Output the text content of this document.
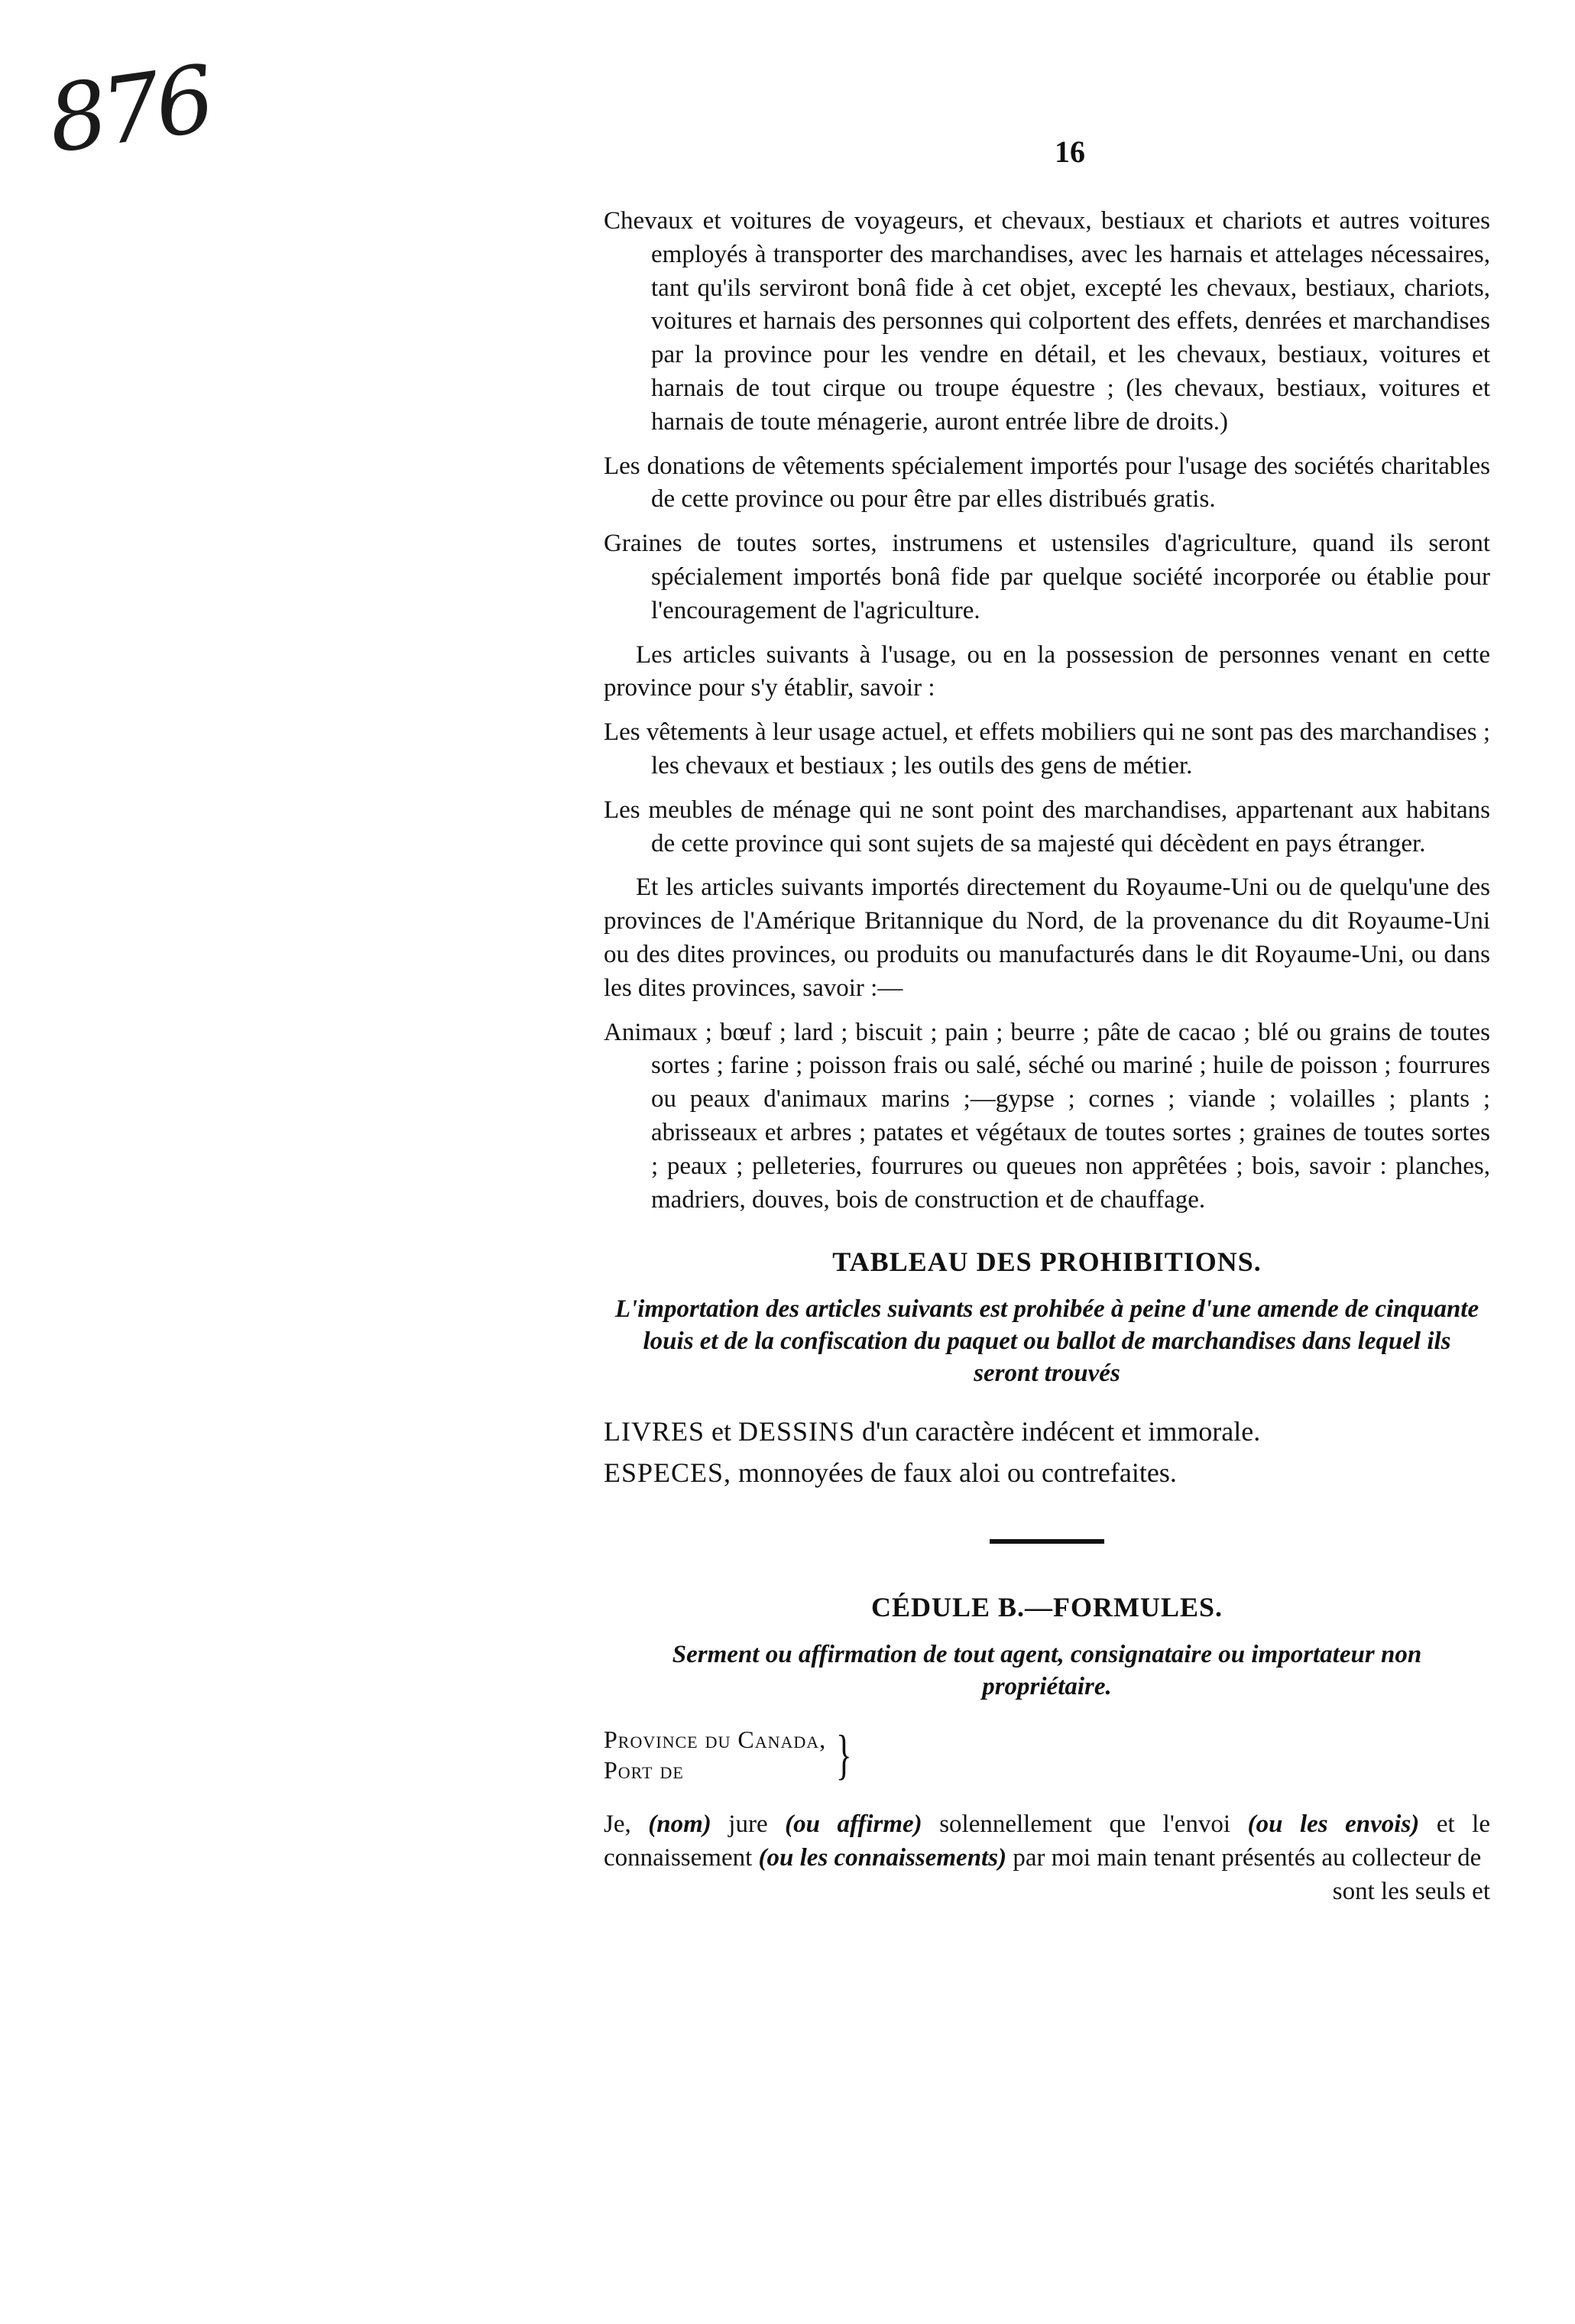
876	16

Chevaux et voitures de voyageurs, et chevaux, bestiaux et chariots et autres voitures employés à transporter des marchandises, avec les harnais et attelages nécessaires, tant qu'ils serviront bonâ fide à cet objet, excepté les chevaux, bestiaux, chariots, voitures et harnais des personnes qui colportent des effets, denrées et marchandises par la province pour les vendre en détail, et les chevaux, bestiaux, voitures et harnais de tout cirque ou troupe équestre ; (les chevaux, bestiaux, voitures et harnais de toute ménagerie, auront entrée libre de droits.)

Les donations de vêtements spécialement importés pour l'usage des sociétés charitables de cette province ou pour être par elles distribués gratis.

Graines de toutes sortes, instrumens et ustensiles d'agriculture, quand ils seront spécialement importés bonâ fide par quelque société incorporée ou établie pour l'encouragement de l'agriculture.

Les articles suivants à l'usage, ou en la possession de personnes venant en cette province pour s'y établir, savoir :

Les vêtements à leur usage actuel, et effets mobiliers qui ne sont pas des marchandises ; les chevaux et bestiaux ; les outils des gens de métier.

Les meubles de ménage qui ne sont point des marchandises, appartenant aux habitans de cette province qui sont sujets de sa majesté qui décèdent en pays étranger.

Et les articles suivants importés directement du Royaume-Uni ou de quelqu'une des provinces de l'Amérique Britannique du Nord, de la provenance du dit Royaume-Uni ou des dites provinces, ou produits ou manufacturés dans le dit Royaume-Uni, ou dans les dites provinces, savoir :—

Animaux ; bœuf ; lard ; biscuit ; pain ; beurre ; pâte de cacao ; blé ou grains de toutes sortes ; farine ; poisson frais ou salé, séché ou mariné ; huile de poisson ; fourrures ou peaux d'animaux marins ;—gypse ; cornes ; viande ; volailles ; plants ; abrisseaux et arbres ; patates et végétaux de toutes sortes ; graines de toutes sortes ; peaux ; pelleteries, fourrures ou queues non apprêtées ; bois, savoir : planches, madriers, douves, bois de construction et de chauffage.

TABLEAU DES PROHIBITIONS.
L'importation des articles suivants est prohibée à peine d'une amende de cinquante louis et de la confiscation du paquet ou ballot de marchandises dans lequel ils seront trouvés

LIVRES et DESSINS d'un caractère indécent et immorale.

ESPECES, monnoyées de faux aloi ou contrefaites.

CÉDULE B.—FORMULES.
Serment ou affirmation de tout agent, consignataire ou importateur non propriétaire.
Province du Canada,
Port de	}

Je, (nom) jure (ou affirme) solennellement que l'envoi (ou les envois) et le connaissement (ou les connaissements) par moi main tenant présentés au collecteur de

sont les seuls et
